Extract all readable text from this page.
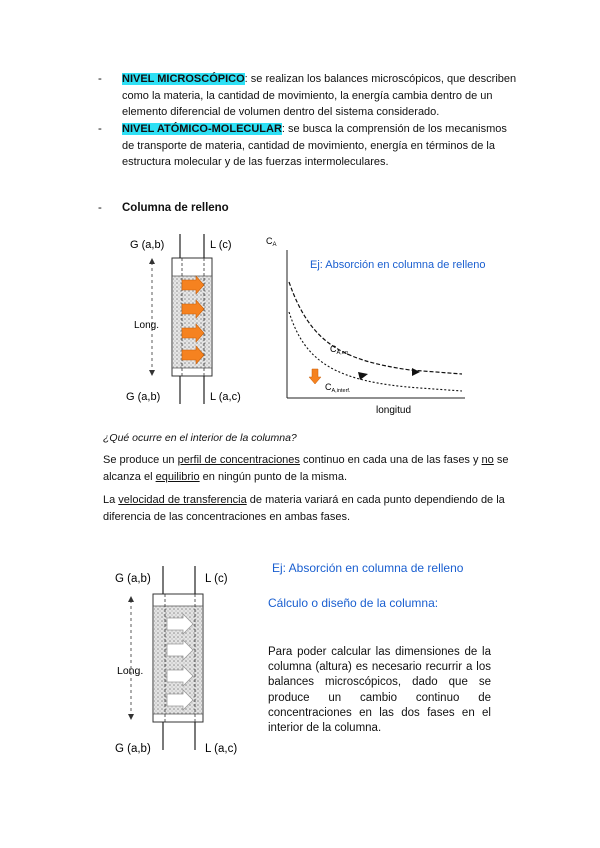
- NIVEL MICROSCÓPICO: se realizan los balances microscópicos, que describen como la materia, la cantidad de movimiento, la energía cambia dentro de un elemento diferencial de volumen dentro del sistema considerado.
- NIVEL ATÓMICO-MOLECULAR: se busca la comprensión de los mecanismos de transporte de materia, cantidad de movimiento, energía en términos de la estructura molecular y de las fuerzas intermoleculares.
- Columna de relleno
G (a,b)	L (c)
Long.
G (a,b)	L (a,c)
$C_A$
Ej: Absorción en columna de relleno
$C_{A,eq}$
$C_{A,interf.}$
longitud
¿Qué ocurre en el interior de la columna?
Se produce un perfil de concentraciones continuo en cada una de las fases y no se alcanza el equilibrio en ningún punto de la misma.
La velocidad de transferencia de materia variará en cada punto dependiendo de la diferencia de las concentraciones en ambas fases.
G (a,b)	L (c)
Long.
G (a,b)	L (a,c)
Ej: Absorción en columna de relleno
Cálculo o diseño de la columna:
Para poder calcular las dimensiones de la columna (altura) es necesario recurrir a los balances microscópicos, dado que se produce un cambio continuo de concentraciones en las dos fases en el interior de la columna.
